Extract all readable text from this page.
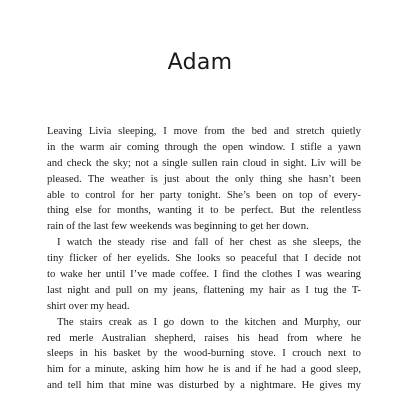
Adam
Leaving Livia sleeping, I move from the bed and stretch quietly
in the warm air coming through the open window. I stifle a yawn
and check the sky; not a single sullen rain cloud in sight. Liv will be
pleased. The weather is just about the only thing she hasn’t been
able to control for her party tonight. She’s been on top of every-
thing else for months, wanting it to be perfect. But the relentless
rain of the last few weekends was beginning to get her down.
I watch the steady rise and fall of her chest as she sleeps, the
tiny flicker of her eyelids. She looks so peaceful that I decide not
to wake her until I’ve made coffee. I find the clothes I was wearing
last night and pull on my jeans, flattening my hair as I tug the T-
shirt over my head.
The stairs creak as I go down to the kitchen and Murphy, our
red merle Australian shepherd, raises his head from where he
sleeps in his basket by the wood-burning stove. I crouch next to
him for a minute, asking him how he is and if he had a good sleep,
and tell him that mine was disturbed by a nightmare. He gives my
